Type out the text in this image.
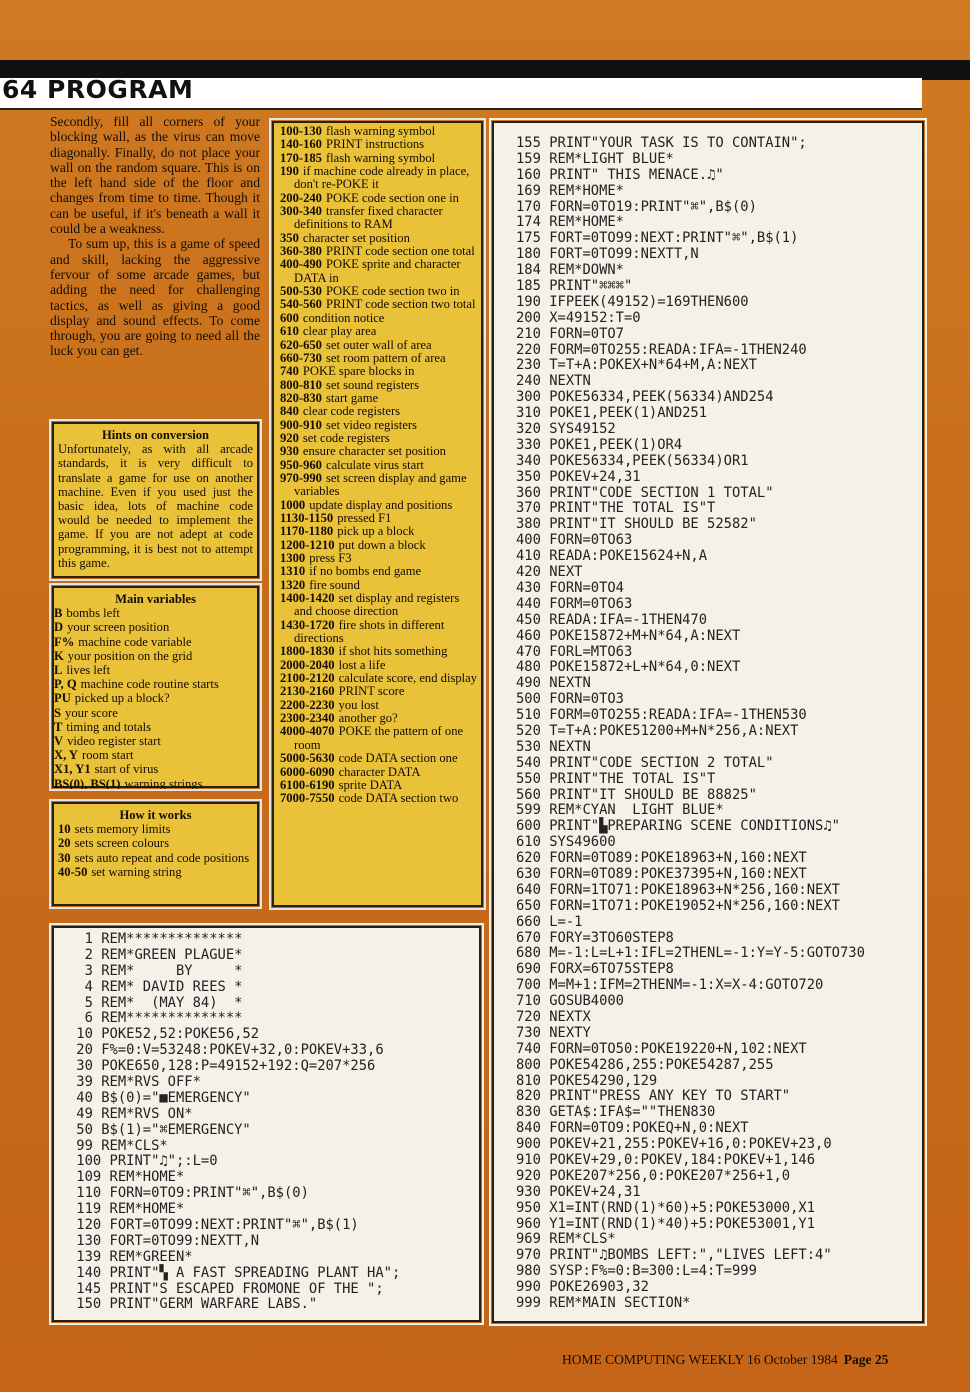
64 PROGRAM

Secondly, fill all corners of your blocking wall, as the virus can move diagonally. Finally, do not place your wall on the random square. This is on the left hand side of the floor and changes from time to time. Though it can be useful, if it's beneath a wall it could be a weakness.

To sum up, this is a game of speed and skill, lacking the aggressive fervour of some arcade games, but adding the need for challenging tactics, as well as giving a good display and sound effects. To come through, you are going to need all the luck you can get.

Hints on conversion
Unfortunately, as with all arcade standards, it is very difficult to translate a game for use on another machine. Even if you used just the basic idea, lots of machine code would be needed to implement the game. If you are not adept at code programming, it is best not to attempt this game.
Main variables
B bombs left
D your screen position
F% machine code variable
K your position on the grid
L lives left
P, Q machine code routine starts
PU picked up a block?
S your score
T timing and totals
V video register start
X, Y room start
X1, Y1 start of virus
BS(0), BS(1) warning strings
How it works
10 sets memory limits
20 sets screen colours
30 sets auto repeat and code positions
40-50 set warning string
100-130 flash warning symbol
140-160 PRINT instructions
170-185 flash warning symbol
190 if machine code already in place, don't re-POKE it
200-240 POKE code section one in
300-340 transfer fixed character definitions to RAM
350 character set position
360-380 PRINT code section one total
400-490 POKE sprite and character DATA in
500-530 POKE code section two in
540-560 PRINT code section two total
600 condition notice
610 clear play area
620-650 set outer wall of area
660-730 set room pattern of area
740 POKE spare blocks in
800-810 set sound registers
820-830 start game
840 clear code registers
900-910 set video registers
920 set code registers
930 ensure character set position
950-960 calculate virus start
970-990 set screen display and game variables
1000 update display and positions
1130-1150 pressed F1
1170-1180 pick up a block
1200-1210 put down a block
1300 press F3
1310 if no bombs end game
1320 fire sound
1400-1420 set display and registers and choose direction
1430-1720 fire shots in different directions
1800-1830 if shot hits something
2000-2040 lost a life
2100-2120 calculate score, end display
2130-2160 PRINT score
2200-2230 you lost
2300-2340 another go?
4000-4070 POKE the pattern of one room
5000-5630 code DATA section one
6000-6090 character DATA
6100-6190 sprite DATA
7000-7550 code DATA section two

1 REM**************
2 REM*GREEN PLAGUE*
3 REM*     BY     *
4 REM* DAVID REES *
5 REM*  (MAY 84)  *
6 REM**************
10 POKE52,52:POKE56,52
20 F%=0:V=53248:POKEV+32,0:POKEV+33,6
30 POKE650,128:P=49152+192:Q=207*256
39 REM*RVS OFF*
40 B$(0)="■EMERGENCY"
49 REM*RVS ON*
50 B$(1)="⌘EMERGENCY"
99 REM*CLS*
100 PRINT"♫";:L=0
109 REM*HOME*
110 FORN=0TO9:PRINT"⌘",B$(0)
119 REM*HOME*
120 FORT=0TO99:NEXT:PRINT"⌘",B$(1)
130 FORT=0TO99:NEXTT,N
139 REM*GREEN*
140 PRINT"▚ A FAST SPREADING PLANT HA";
145 PRINT"S ESCAPED FROMONE OF THE ";
150 PRINT"GERM WARFARE LABS."

155 PRINT"YOUR TASK IS TO CONTAIN";
159 REM*LIGHT BLUE*
160 PRINT" THIS MENACE.♫"
169 REM*HOME*
170 FORN=0TO19:PRINT"⌘",B$(0)
174 REM*HOME*
175 FORT=0TO99:NEXT:PRINT"⌘",B$(1)
180 FORT=0TO99:NEXTT,N
184 REM*DOWN*
185 PRINT"⌘⌘⌘"
190 IFPEEK(49152)=169THEN600
200 X=49152:T=0
210 FORN=0TO7
220 FORM=0TO255:READA:IFA=-1THEN240
230 T=T+A:POKEX+N*64+M,A:NEXT
240 NEXTN
300 POKE56334,PEEK(56334)AND254
310 POKE1,PEEK(1)AND251
320 SYS49152
330 POKE1,PEEK(1)OR4
340 POKE56334,PEEK(56334)OR1
350 POKEV+24,31
360 PRINT"CODE SECTION 1 TOTAL"
370 PRINT"THE TOTAL IS"T
380 PRINT"IT SHOULD BE 52582"
400 FORN=0TO63
410 READA:POKE15624+N,A
420 NEXT
430 FORN=0TO4
440 FORM=0TO63
450 READA:IFA=-1THEN470
460 POKE15872+M+N*64,A:NEXT
470 FORL=MTO63
480 POKE15872+L+N*64,0:NEXT
490 NEXTN
500 FORN=0TO3
510 FORM=0TO255:READA:IFA=-1THEN530
520 T=T+A:POKE51200+M+N*256,A:NEXT
530 NEXTN
540 PRINT"CODE SECTION 2 TOTAL"
550 PRINT"THE TOTAL IS"T
560 PRINT"IT SHOULD BE 88825"
599 REM*CYAN  LIGHT BLUE*
600 PRINT"▙PREPARING SCENE CONDITIONS♫"
610 SYS49600
620 FORN=0TO89:POKE18963+N,160:NEXT
630 FORN=0TO89:POKE37395+N,160:NEXT
640 FORN=1TO71:POKE18963+N*256,160:NEXT
650 FORN=1TO71:POKE19052+N*256,160:NEXT
660 L=-1
670 FORY=3TO60STEP8
680 M=-1:L=L+1:IFL=2THENL=-1:Y=Y-5:GOTO730
690 FORX=6TO75STEP8
700 M=M+1:IFM=2THENM=-1:X=X-4:GOTO720
710 GOSUB4000
720 NEXTX
730 NEXTY
740 FORN=0TO50:POKE19220+N,102:NEXT
800 POKE54286,255:POKE54287,255
810 POKE54290,129
820 PRINT"PRESS ANY KEY TO START"
830 GETA$:IFA$=""THEN830
840 FORN=0TO9:POKEQ+N,0:NEXT
900 POKEV+21,255:POKEV+16,0:POKEV+23,0
910 POKEV+29,0:POKEV,184:POKEV+1,146
920 POKE207*256,0:POKE207*256+1,0
930 POKEV+24,31
950 X1=INT(RND(1)*60)+5:POKE53000,X1
960 Y1=INT(RND(1)*40)+5:POKE53001,Y1
969 REM*CLS*
970 PRINT"♫BOMBS LEFT:","LIVES LEFT:4"
980 SYSP:F%=0:B=300:L=4:T=999
990 POKE26903,32
999 REM*MAIN SECTION*

HOME COMPUTING WEEKLY 16 October 1984 Page 25
